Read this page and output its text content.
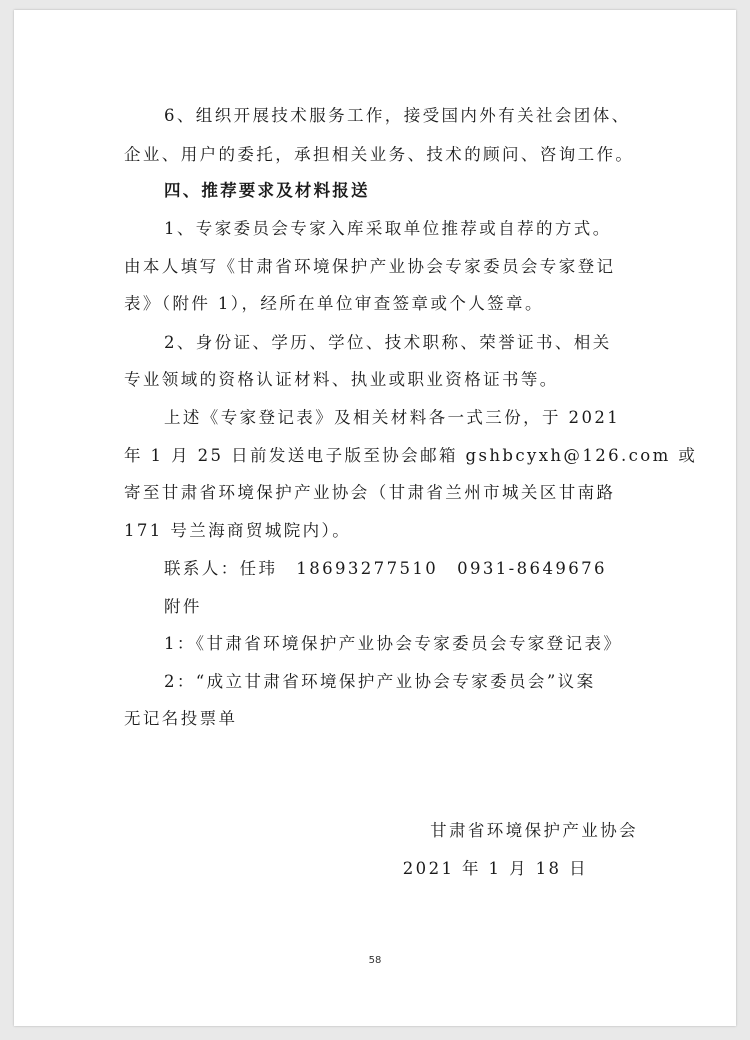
6、组织开展技术服务工作，接受国内外有关社会团体、
企业、用户的委托，承担相关业务、技术的顾问、咨询工作。
四、推荐要求及材料报送
1、专家委员会专家入库采取单位推荐或自荐的方式。
由本人填写《甘肃省环境保护产业协会专家委员会专家登记
表》（附件 1），经所在单位审查签章或个人签章。
2、身份证、学历、学位、技术职称、荣誉证书、相关
专业领域的资格认证材料、执业或职业资格证书等。
上述《专家登记表》及相关材料各一式三份，于 2021
年 1 月 25 日前发送电子版至协会邮箱 gshbcyxh@126.com 或
寄至甘肃省环境保护产业协会（甘肃省兰州市城关区甘南路
171 号兰海商贸城院内）。
联系人：任玮　18693277510　0931-8649676
附件
1：《甘肃省环境保护产业协会专家委员会专家登记表》
2：“成立甘肃省环境保护产业协会专家委员会”议案
无记名投票单
甘肃省环境保护产业协会
2021 年 1 月 18 日
58
